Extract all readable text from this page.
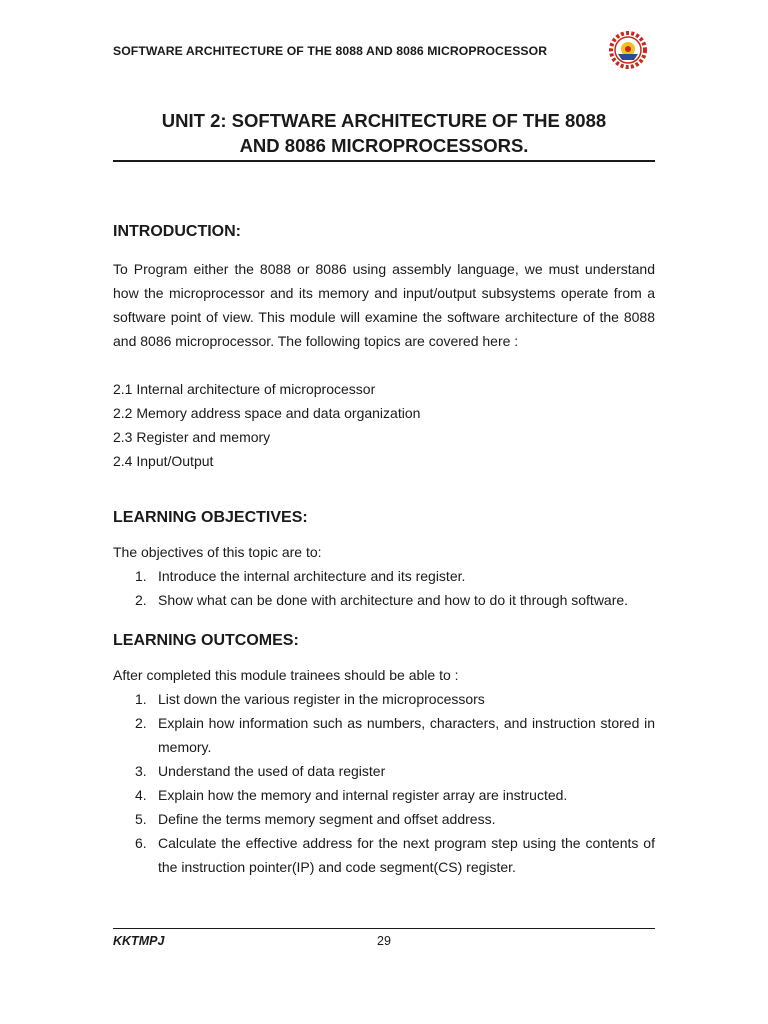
SOFTWARE ARCHITECTURE OF THE 8088 AND 8086 MICROPROCESSOR
UNIT 2: SOFTWARE ARCHITECTURE OF THE 8088
AND 8086 MICROPROCESSORS.
INTRODUCTION:
To Program either the 8088 or 8086 using assembly language, we must understand how the microprocessor and its memory and input/output subsystems operate from a software point of view. This module will examine the software architecture of the 8088 and 8086 microprocessor. The following topics are covered here :
2.1 Internal architecture of microprocessor
2.2 Memory address space and data organization
2.3 Register and memory
2.4 Input/Output
LEARNING OBJECTIVES:
The objectives of this topic are to:
1. Introduce the internal architecture and its register.
2. Show what can be done with architecture and how to do it through software.
LEARNING OUTCOMES:
After completed this module trainees should be able to :
1. List down the various register in the microprocessors
2. Explain how information such as numbers, characters, and instruction stored in memory.
3. Understand the used of data register
4. Explain how the memory and internal register array are instructed.
5. Define the terms memory segment and offset address.
6. Calculate the effective address for the next program step using the contents of the instruction pointer(IP) and code segment(CS) register.
KKTMPJ	29
